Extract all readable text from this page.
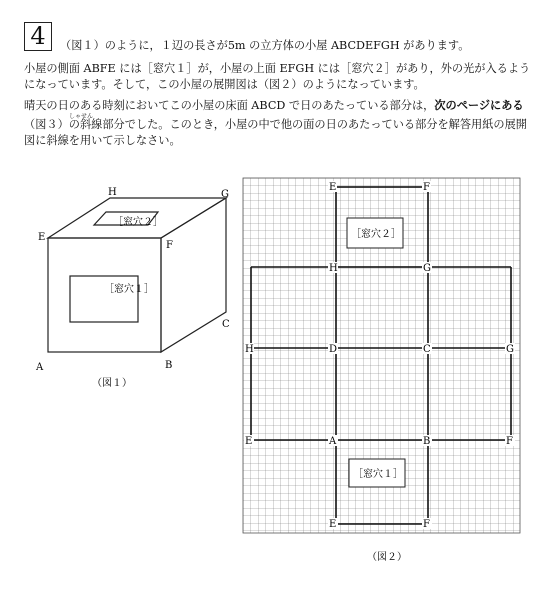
4	（図１）のように，１辺の長さが5m の立方体の小屋 ABCDEFGH があります。
小屋の側面 ABFE には［窓穴１］が，小屋の上面 EFGH には［窓穴２］があり，外の光が入るよう
になっています。そして，この小屋の展開図は（図２）のようになっています。
晴天の日のある時刻においてこの小屋の床面 ABCD で日のあたっている部分は，次のページにある
しゃせん
（図３）の斜線部分でした。このとき，小屋の中で他の面の日のあたっている部分を解答用紙の展開
図に斜線を用いて示しなさい。
［窓穴１］
［窓穴２］
H	G
E
F
C
A	B
（図１）
［窓穴２］
［窓穴１］
E	F
H	G
H	D	C	G
E	A	B	F
E	F
（図２）
